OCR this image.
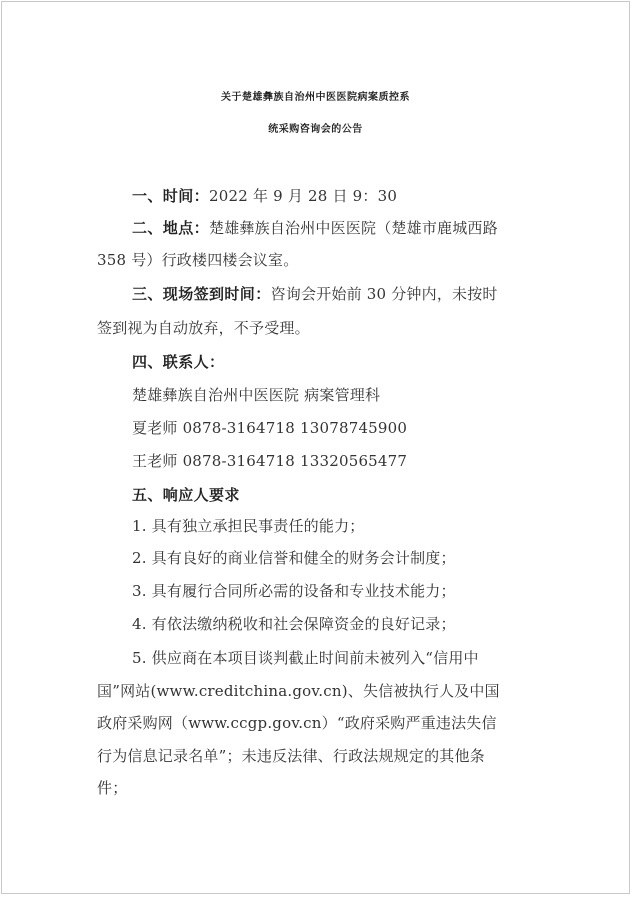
关于楚雄彝族自治州中医医院病案质控系
统采购咨询会的公告
一、时间：2022 年 9 月 28 日 9：30
二、地点：楚雄彝族自治州中医医院（楚雄市鹿城西路
358 号）行政楼四楼会议室。
三、现场签到时间：咨询会开始前 30 分钟内，未按时
签到视为自动放弃，不予受理。
四、联系人：
楚雄彝族自治州中医医院 病案管理科
夏老师 0878-3164718 13078745900
王老师 0878-3164718 13320565477
五、响应人要求
1. 具有独立承担民事责任的能力；
2. 具有良好的商业信誉和健全的财务会计制度；
3. 具有履行合同所必需的设备和专业技术能力；
4. 有依法缴纳税收和社会保障资金的良好记录；
5. 供应商在本项目谈判截止时间前未被列入“信用中
国”网站(www.creditchina.gov.cn)、失信被执行人及中国
政府采购网（www.ccgp.gov.cn）“政府采购严重违法失信
行为信息记录名单”；未违反法律、行政法规规定的其他条
件；
